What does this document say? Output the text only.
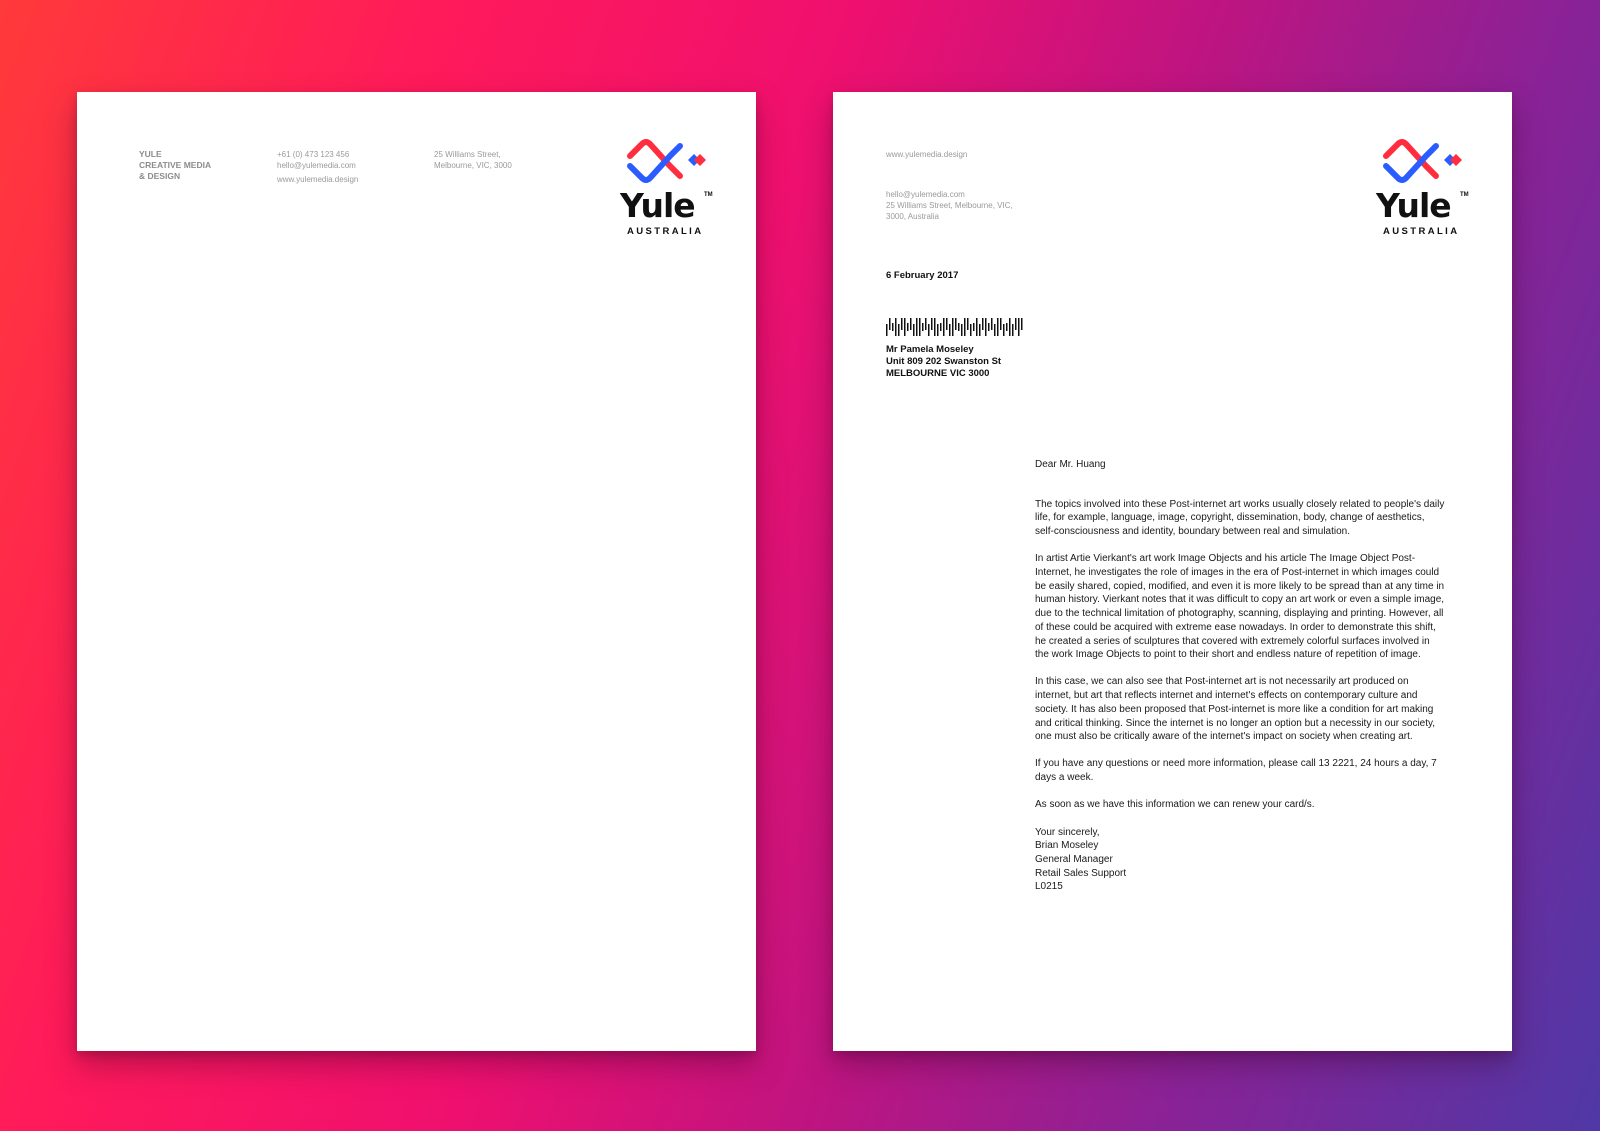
YULE
CREATIVE MEDIA
& DESIGN
+61 (0) 473 123 456
hello@yulemedia.com
www.yulemedia.design
25 Williams Street,
Melbourne, VIC, 3000
Yule TM
AUSTRALIA
www.yulemedia.design
hello@yulemedia.com
25 Williams Street, Melbourne, VIC,
3000, Australia	Yule TM
AUSTRALIA
6 February 2017
Mr Pamela Moseley
Unit 809 202 Swanston St
MELBOURNE VIC 3000

Dear Mr. Huang

The topics involved into these Post-internet art works usually closely related to people's daily life, for example, language, image, copyright, dissemination, body, change of aesthetics, self-consciousness and identity, boundary between real and simulation.

In artist Artie Vierkant's art work Image Objects and his article The Image Object Post-Internet, he investigates the role of images in the era of Post-internet in which images could be easily shared, copied, modified, and even it is more likely to be spread than at any time in human history. Vierkant notes that it was difficult to copy an art work or even a simple image, due to the technical limitation of photography, scanning, displaying and printing. However, all of these could be acquired with extreme ease nowadays. In order to demonstrate this shift, he created a series of sculptures that covered with extremely colorful surfaces involved in the work Image Objects to point to their short and endless nature of repetition of image.

In this case, we can also see that Post-internet art is not necessarily art produced on internet, but art that reflects internet and internet's effects on contemporary culture and society. It has also been proposed that Post-internet is more like a condition for art making and critical thinking. Since the internet is no longer an option but a necessity in our society, one must also be critically aware of the internet's impact on society when creating art.

If you have any questions or need more information, please call 13 2221, 24 hours a day, 7 days a week.

As soon as we have this information we can renew your card/s.

Your sincerely,
Brian Moseley
General Manager
Retail Sales Support
L0215
